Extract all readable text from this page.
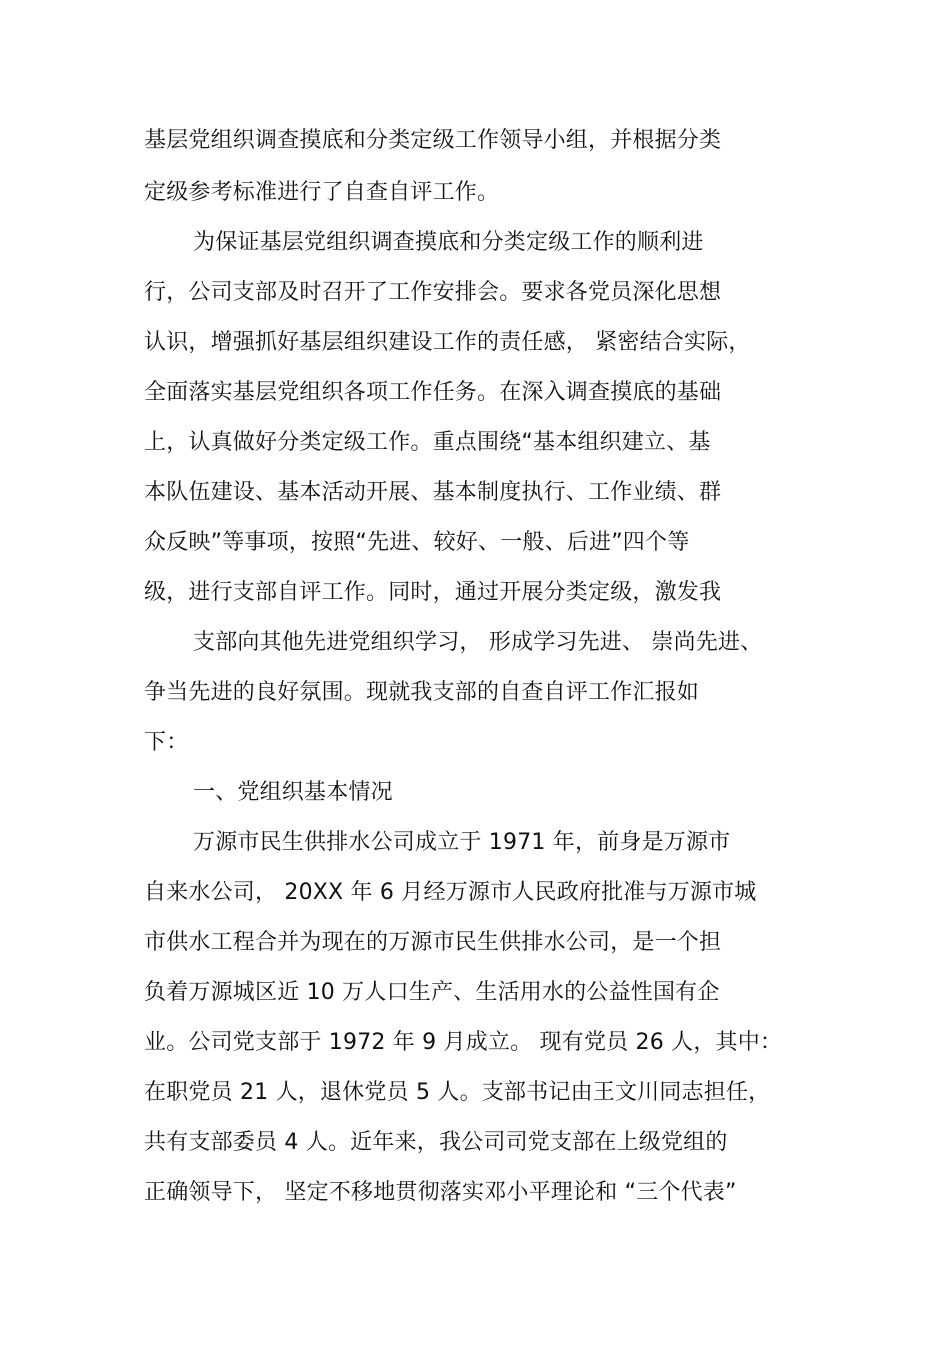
基层党组织调查摸底和分类定级工作领导小组，并根据分类
定级参考标准进行了自查自评工作。
为保证基层党组织调查摸底和分类定级工作的顺利进
行，公司支部及时召开了工作安排会。要求各党员深化思想
认识，增强抓好基层组织建设工作的责任感， 紧密结合实际，
全面落实基层党组织各项工作任务。在深入调查摸底的基础
上，认真做好分类定级工作。重点围绕“基本组织建立、基
本队伍建设、基本活动开展、基本制度执行、工作业绩、群
众反映”等事项，按照“先进、较好、一般、后进”四个等
级，进行支部自评工作。同时，通过开展分类定级，激发我
支部向其他先进党组织学习， 形成学习先进、 崇尚先进、
争当先进的良好氛围。现就我支部的自查自评工作汇报如
下：
一、党组织基本情况
万源市民生供排水公司成立于 1971 年，前身是万源市
自来水公司， 20XX 年 6 月经万源市人民政府批准与万源市城
市供水工程合并为现在的万源市民生供排水公司，是一个担
负着万源城区近 10 万人口生产、生活用水的公益性国有企
业。公司党支部于 1972 年 9 月成立。 现有党员 26 人，其中：
在职党员 21 人，退休党员 5 人。支部书记由王文川同志担任，
共有支部委员 4 人。近年来，我公司司党支部在上级党组的
正确领导下， 坚定不移地贯彻落实邓小平理论和 “三个代表”
